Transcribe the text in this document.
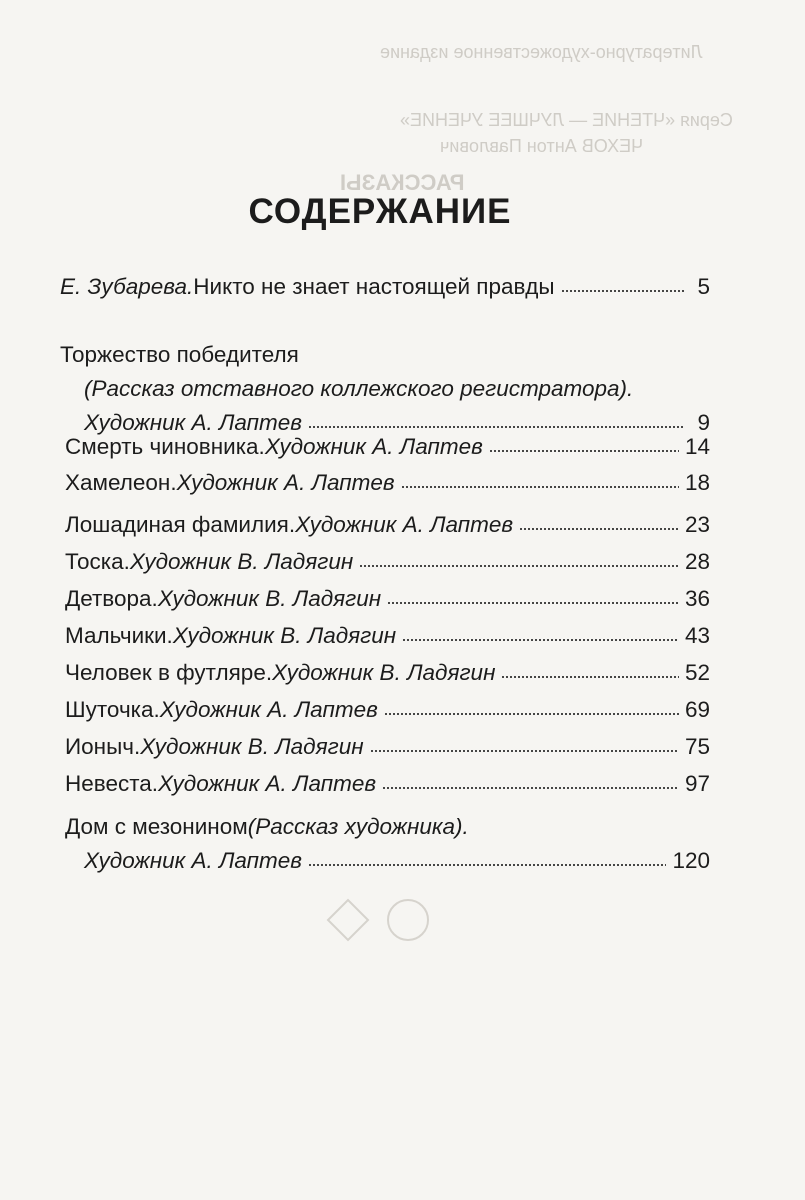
Литературно-художественное издание
Серия «ЧТЕНИЕ — ЛУЧШЕЕ УЧЕНИЕ»
ЧЕХОВ Антон Павлович
РАССКАЗЫ
СОДЕРЖАНИЕ
Е. Зубарева. Никто не знает настоящей правды	5
Торжество победителя
(Рассказ отставного коллежского регистратора).
Художник А. Лаптев	9
Смерть чиновника. Художник А. Лаптев	14
Хамелеон. Художник А. Лаптев	18
Лошадиная фамилия. Художник А. Лаптев	23
Тоска. Художник В. Ладягин	28
Детвора. Художник В. Ладягин	36
Мальчики. Художник В. Ладягин	43
Человек в футляре. Художник В. Ладягин	52
Шуточка. Художник А. Лаптев	69
Ионыч. Художник В. Ладягин	75
Невеста. Художник А. Лаптев	97
Дом с мезонином (Рассказ художника).
Художник А. Лаптев	120
